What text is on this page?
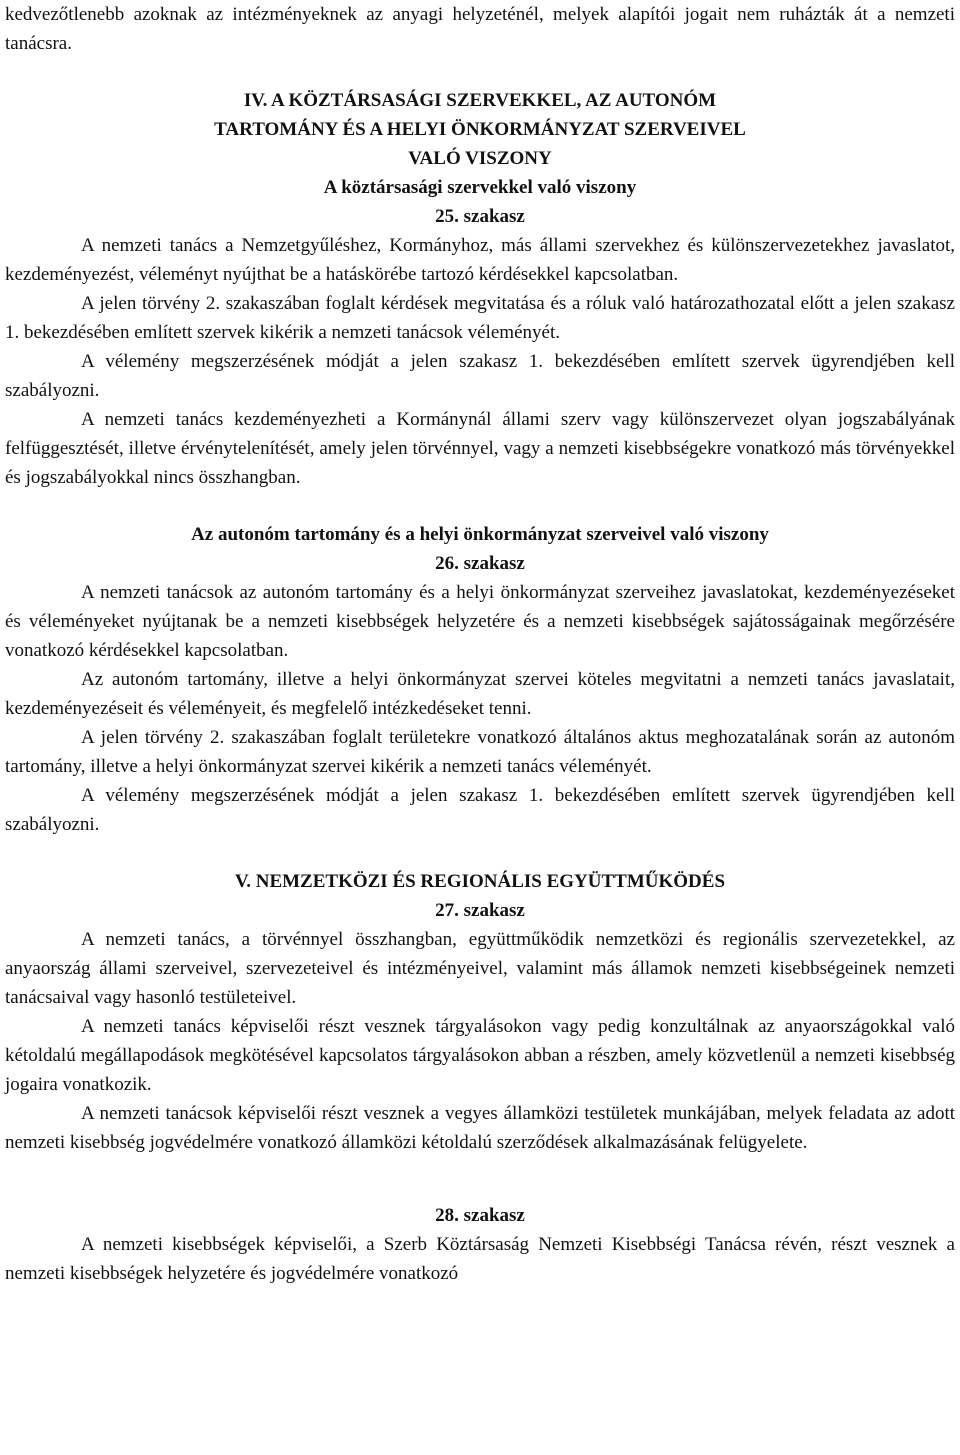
kedvezőtlenebb azoknak az intézményeknek az anyagi helyzeténél, melyek alapítói jogait nem ruházták át a nemzeti tanácsra.

IV. A KÖZTÁRSASÁGI SZERVEKKEL, AZ AUTONÓM

TARTOMÁNY ÉS A HELYI ÖNKORMÁNYZAT SZERVEIVEL

VALÓ VISZONY

A köztársasági szervekkel való viszony

25. szakasz

A nemzeti tanács a Nemzetgyűléshez, Kormányhoz, más állami szervekhez és különszervezetekhez javaslatot, kezdeményezést, véleményt nyújthat be a hatáskörébe tartozó kérdésekkel kapcsolatban.

A jelen törvény 2. szakaszában foglalt kérdések megvitatása és a róluk való határozathozatal előtt a jelen szakasz 1. bekezdésében említett szervek kikérik a nemzeti tanácsok véleményét.

A vélemény megszerzésének módját a jelen szakasz 1. bekezdésében említett szervek ügyrendjében kell szabályozni.

A nemzeti tanács kezdeményezheti a Kormánynál állami szerv vagy különszervezet olyan jogszabályának felfüggesztését, illetve érvénytelenítését, amely jelen törvénnyel, vagy a nemzeti kisebbségekre vonatkozó más törvényekkel és jogszabályokkal nincs összhangban.

Az autonóm tartomány és a helyi önkormányzat szerveivel való viszony

26. szakasz

A nemzeti tanácsok az autonóm tartomány és a helyi önkormányzat szerveihez javaslatokat, kezdeményezéseket és véleményeket nyújtanak be a nemzeti kisebbségek helyzetére és a nemzeti kisebbségek sajátosságainak megőrzésére vonatkozó kérdésekkel kapcsolatban.

Az autonóm tartomány, illetve a helyi önkormányzat szervei köteles megvitatni a nemzeti tanács javaslatait, kezdeményezéseit és véleményeit, és megfelelő intézkedéseket tenni.

A jelen törvény 2. szakaszában foglalt területekre vonatkozó általános aktus meghozatalának során az autonóm tartomány, illetve a helyi önkormányzat szervei kikérik a nemzeti tanács véleményét.

A vélemény megszerzésének módját a jelen szakasz 1. bekezdésében említett szervek ügyrendjében kell szabályozni.

V. NEMZETKÖZI ÉS REGIONÁLIS EGYÜTTMŰKÖDÉS

27. szakasz

A nemzeti tanács, a törvénnyel összhangban, együttműködik nemzetközi és regionális szervezetekkel, az anyaország állami szerveivel, szervezeteivel és intézményeivel, valamint más államok nemzeti kisebbségeinek nemzeti tanácsaival vagy hasonló testületeivel.

A nemzeti tanács képviselői részt vesznek tárgyalásokon vagy pedig konzultálnak az anyaországokkal való kétoldalú megállapodások megkötésével kapcsolatos tárgyalásokon abban a részben, amely közvetlenül a nemzeti kisebbség jogaira vonatkozik.

A nemzeti tanácsok képviselői részt vesznek a vegyes államközi testületek munkájában, melyek feladata az adott nemzeti kisebbség jogvédelmére vonatkozó államközi kétoldalú szerződések alkalmazásának felügyelete.

28. szakasz

A nemzeti kisebbségek képviselői, a Szerb Köztársaság Nemzeti Kisebbségi Tanácsa révén, részt vesznek a nemzeti kisebbségek helyzetére és jogvédelmére vonatkozó
